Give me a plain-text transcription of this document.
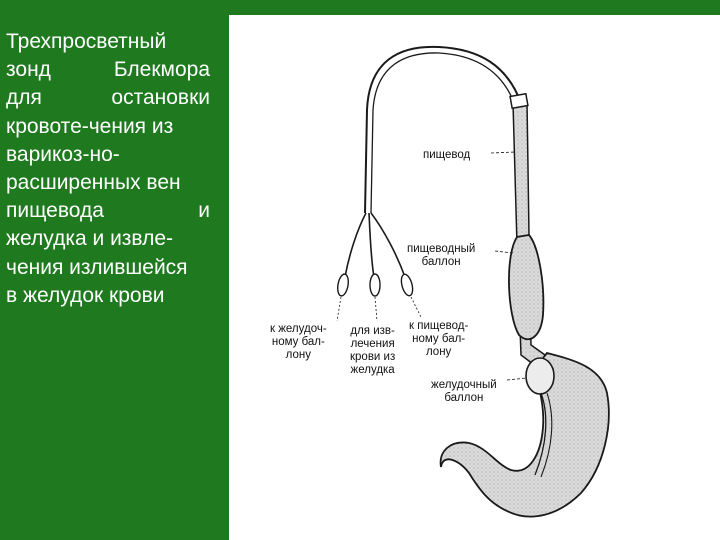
Трехпросветный
зонд	Блекмора
для	остановки
кровоте-чения из
варикоз-но-
расширенных вен
пищевода	и
желудка и извле-
чения излившейся
в желудок крови
пищевод
пищеводный
баллон
желудочный
баллон
к желудоч-
ному бал-
лону
для изв-
лечения
крови из
желудка
к пищевод-
ному бал-
лону
